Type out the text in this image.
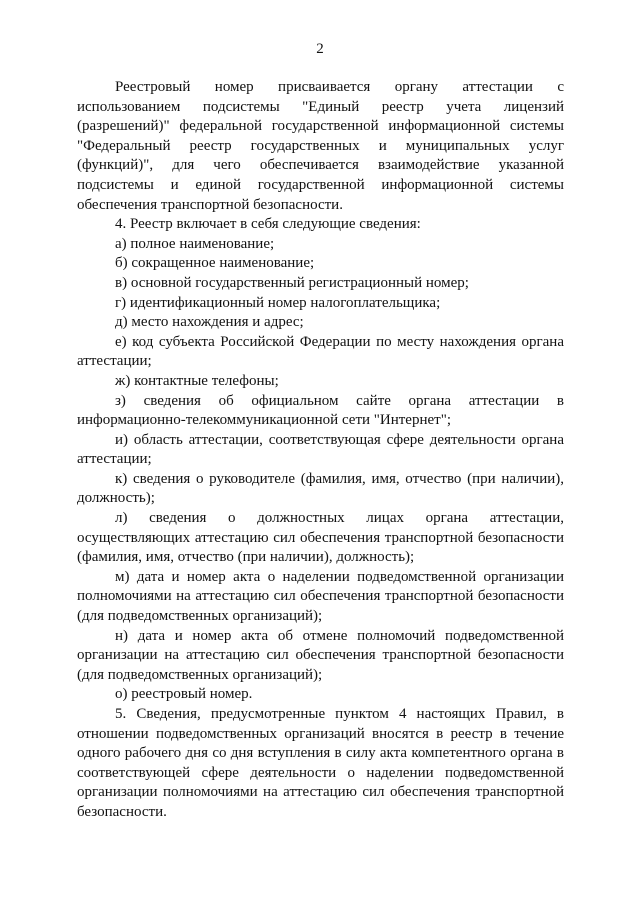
2

Реестровый номер присваивается органу аттестации с использованием подсистемы "Единый реестр учета лицензий (разрешений)" федеральной государственной информационной системы "Федеральный реестр государственных и муниципальных услуг (функций)", для чего обеспечивается взаимодействие указанной подсистемы и единой государственной информационной системы обеспечения транспортной безопасности.

4. Реестр включает в себя следующие сведения:

а) полное наименование;

б) сокращенное наименование;

в) основной государственный регистрационный номер;

г) идентификационный номер налогоплательщика;

д) место нахождения и адрес;

е) код субъекта Российской Федерации по месту нахождения органа аттестации;

ж) контактные телефоны;

з) сведения об официальном сайте органа аттестации в информационно-телекоммуникационной сети "Интернет";

и) область аттестации, соответствующая сфере деятельности органа аттестации;

к) сведения о руководителе (фамилия, имя, отчество (при наличии), должность);

л) сведения о должностных лицах органа аттестации, осуществляющих аттестацию сил обеспечения транспортной безопасности (фамилия, имя, отчество (при наличии), должность);

м) дата и номер акта о наделении подведомственной организации полномочиями на аттестацию сил обеспечения транспортной безопасности (для подведомственных организаций);

н) дата и номер акта об отмене полномочий подведомственной организации на аттестацию сил обеспечения транспортной безопасности (для подведомственных организаций);

о) реестровый номер.

5. Сведения, предусмотренные пунктом 4 настоящих Правил, в отношении подведомственных организаций вносятся в реестр в течение одного рабочего дня со дня вступления в силу акта компетентного органа в соответствующей сфере деятельности о наделении подведомственной организации полномочиями на аттестацию сил обеспечения транспортной безопасности.
